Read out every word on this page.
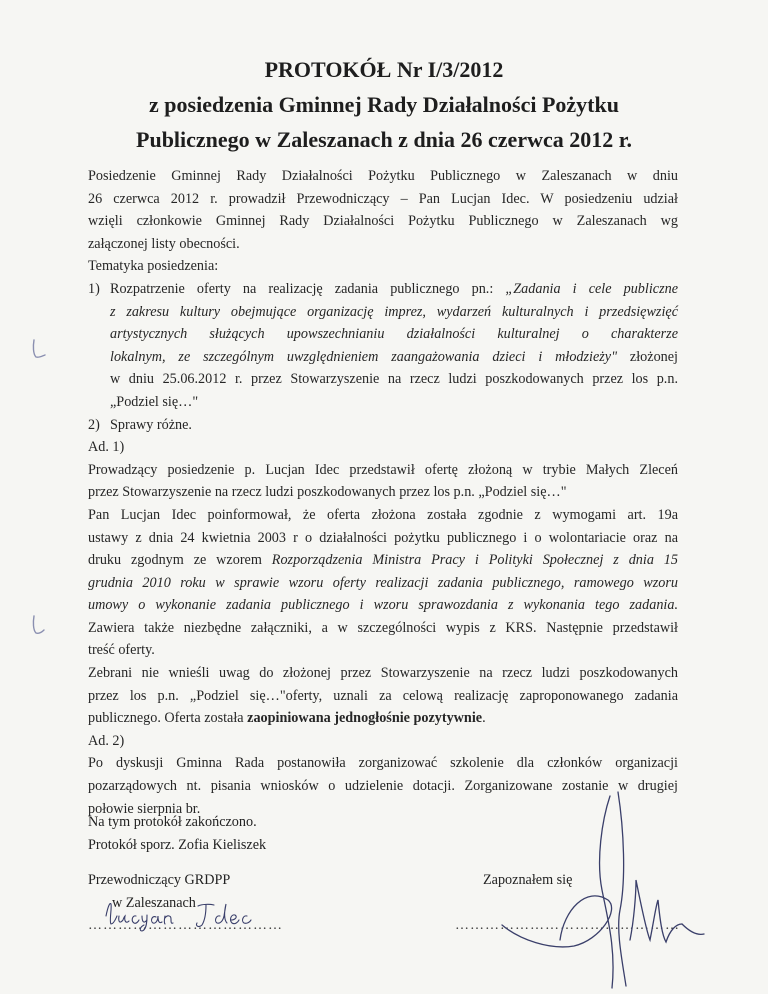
PROTOKÓŁ Nr I/3/2012
z posiedzenia Gminnej Rady Działalności Pożytku
Publicznego w Zaleszanach z dnia 26 czerwca 2012 r.
Posiedzenie Gminnej Rady Działalności Pożytku Publicznego w Zaleszanach w dniu
26 czerwca 2012 r. prowadził Przewodniczący – Pan Lucjan Idec. W posiedzeniu udział
wzięli członkowie Gminnej Rady Działalności Pożytku Publicznego w Zaleszanach wg
załączonej listy obecności.
Tematyka posiedzenia:
1) Rozpatrzenie oferty na realizację zadania publicznego pn.: „Zadania i cele publiczne
z zakresu kultury obejmujące organizację imprez, wydarzeń kulturalnych i przedsięwzięć
artystycznych służących upowszechnianiu działalności kulturalnej o charakterze
lokalnym, ze szczególnym uwzględnieniem zaangażowania dzieci i młodzieży" złożonej
w dniu 25.06.2012 r. przez Stowarzyszenie na rzecz ludzi poszkodowanych przez los p.n.
„Podziel się…"
2) Sprawy różne.
Ad. 1)
Prowadzący posiedzenie p. Lucjan Idec przedstawił ofertę złożoną w trybie Małych Zleceń
przez Stowarzyszenie na rzecz ludzi poszkodowanych przez los p.n. „Podziel się…"
Pan Lucjan Idec poinformował, że oferta złożona została zgodnie z wymogami art. 19a
ustawy z dnia 24 kwietnia 2003 r o działalności pożytku publicznego i o wolontariacie oraz na
druku zgodnym ze wzorem Rozporządzenia Ministra Pracy i Polityki Społecznej z dnia 15
grudnia 2010 roku w sprawie wzoru oferty realizacji zadania publicznego, ramowego wzoru
umowy o wykonanie zadania publicznego i wzoru sprawozdania z wykonania tego zadania.
Zawiera także niezbędne załączniki, a w szczególności wypis z KRS. Następnie przedstawił
treść oferty.
Zebrani nie wnieśli uwag do złożonej przez Stowarzyszenie na rzecz ludzi poszkodowanych
przez los p.n. „Podziel się…"oferty, uznali za celową realizację zaproponowanego zadania
publicznego. Oferta została zaopiniowana jednogłośnie pozytywnie.
Ad. 2)
Po dyskusji Gminna Rada postanowiła zorganizować szkolenie dla członków organizacji
pozarządowych nt. pisania wniosków o udzielenie dotacji. Zorganizowane zostanie w drugiej
połowie sierpnia br.
Na tym protokół zakończono.
Protokół sporz. Zofia Kieliszek
Przewodniczący GRDPP
w Zaleszanach
Zapoznałem się
…………………………………	………………………………………
